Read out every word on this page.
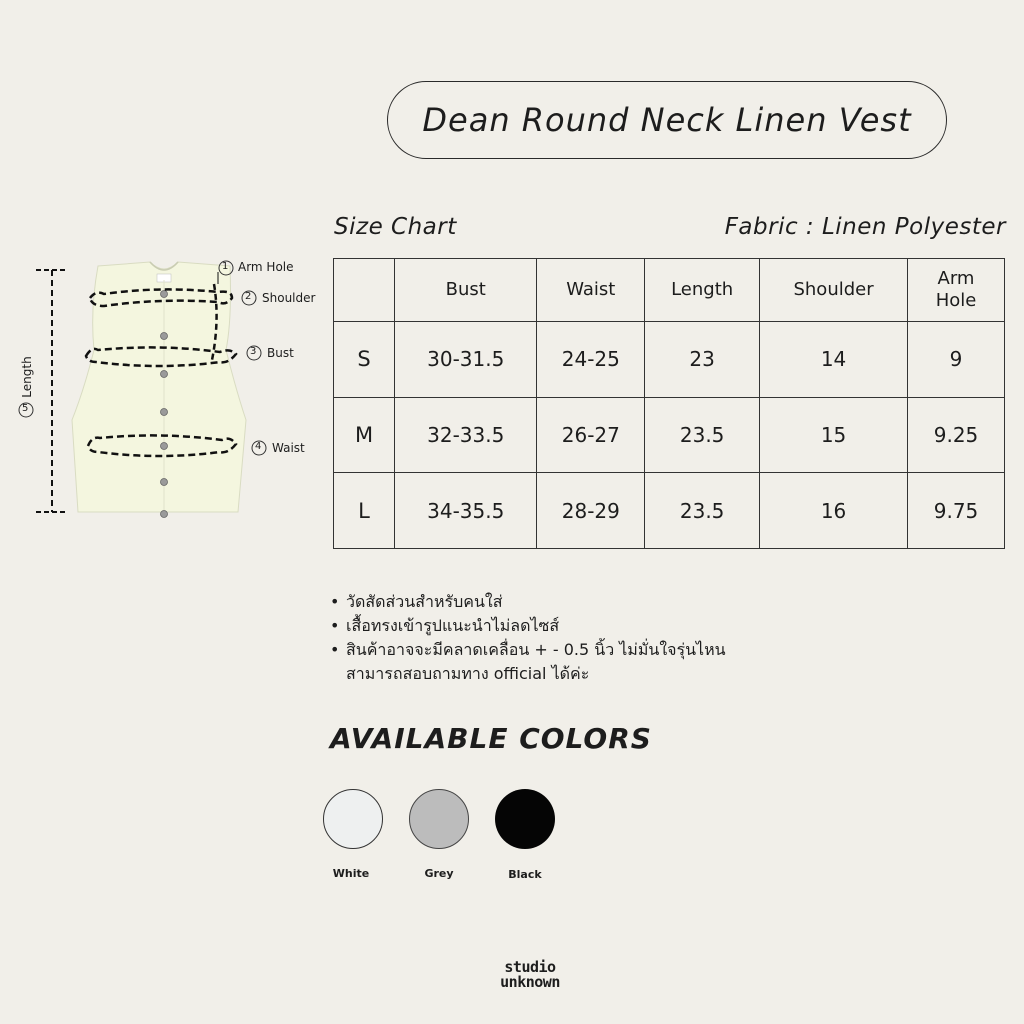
Dean Round Neck Linen Vest
Size Chart	Fabric : Linen Polyester
1 Arm Hole
2 Shoulder
3 Bust
4 Waist
5
Length
	Bust	Waist	Length	Shoulder	Arm Hole
S	30-31.5	24-25	23	14	9
M	32-33.5	26-27	23.5	15	9.25
L	34-35.5	28-29	23.5	16	9.75
• วัดสัดส่วนสำหรับคนใส่
• เสื้อทรงเข้ารูปแนะนำไม่ลดไซส์
• สินค้าอาจจะมีคลาดเคลื่อน + - 0.5 นิ้ว ไม่มั่นใจรุ่นไหน
สามารถสอบถามทาง official ได้ค่ะ
AVAILABLE COLORS
White	Grey	Black
studio
unknown
